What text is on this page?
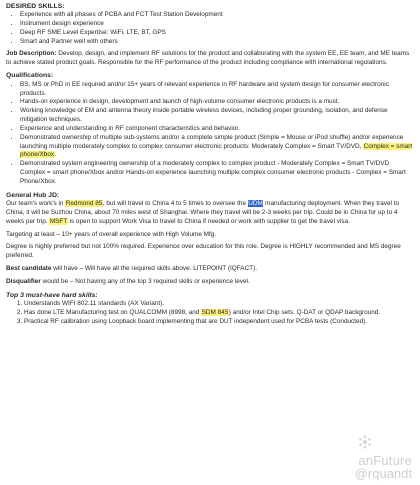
DESIRED SKILLS:

• Experience with all phases of PCBA and FCT Test Station Development
• Instrument design experience
• Deep RF SME Level Expertise: WiFi, LTE, BT, GPS
• Smart and Partner well with others

Job Description: Develop, design, and implement RF solutions for the product and collaborating with the system EE, EE team, and ME teams to achieve stated product goals. Responsible for the RF performance of the product including compliance with international regulations.

Qualifications:

• BS, MS or PhD in EE required and/or 15+ years of relevant experience in RF hardware and system design for consumer electronic products.
• Hands-on experience in design, development and launch of high-volume consumer electronic products is a must.
• Working knowledge of EM and antenna theory inside portable wireless devices, including proper grounding, isolation, and defense mitigation techniques.
• Experience and understanding in RF component characteristics and behavior.
• Demonstrated ownership of multiple sub-systems and/or a complete simple product (Simple = Mouse or iPod shuffle) and/or experience launching multiple moderately complex to complex consumer electronic products: Moderately Complex = Smart TV/DVD, Complex = smart phone/Xbox.
• Demonstrated system engineering ownership of a moderately complex to complex product - Moderately Complex = Smart TV/DVD Complex = smart phone/Xbox and/or Hands-on experience launching multiple complex consumer electronic products - Complex = Smart Phone/Xbox.

General Hub JD:

Our team's work's in Redmond 85, but will travel to China 4 to 5 times to oversee the UDM manufacturing deployment. When they travel to China, it will be Suzhou China, about 70 miles west of Shanghai. Where they travel will be 2-3 weeks per trip. Could be in China for up to 4 weeks per trip. MSFT is open to support Work Visa to travel to China if needed or work with supplier to get the travel visa.

Targeting at least – 10+ years of overall experience with High Volume Mfg.

Degree is highly preferred but not 100% required. Experience over education for this role. Degree is HIGHLY recommended and MS degree preferred.

Best candidate will have – Will have all the required skills above. LITEPOINT (IQFACT).

Disqualifier would be – Not having any of the top 3 required skills or experience level.

Top 3 must-have hard skills:

1. Understands WIFI 802.11 standards (AX Variant).
2. Has done LTE Manufacturing test on QUALCOMM (8998, and SDM 845) and/or Intel Chip sets. Q-DAT or QDAP background.
3. Practical RF calibration using Loopback board implementing that are DUT independent used for PCBA tests (Conducted).
anFuture
@rquandt
